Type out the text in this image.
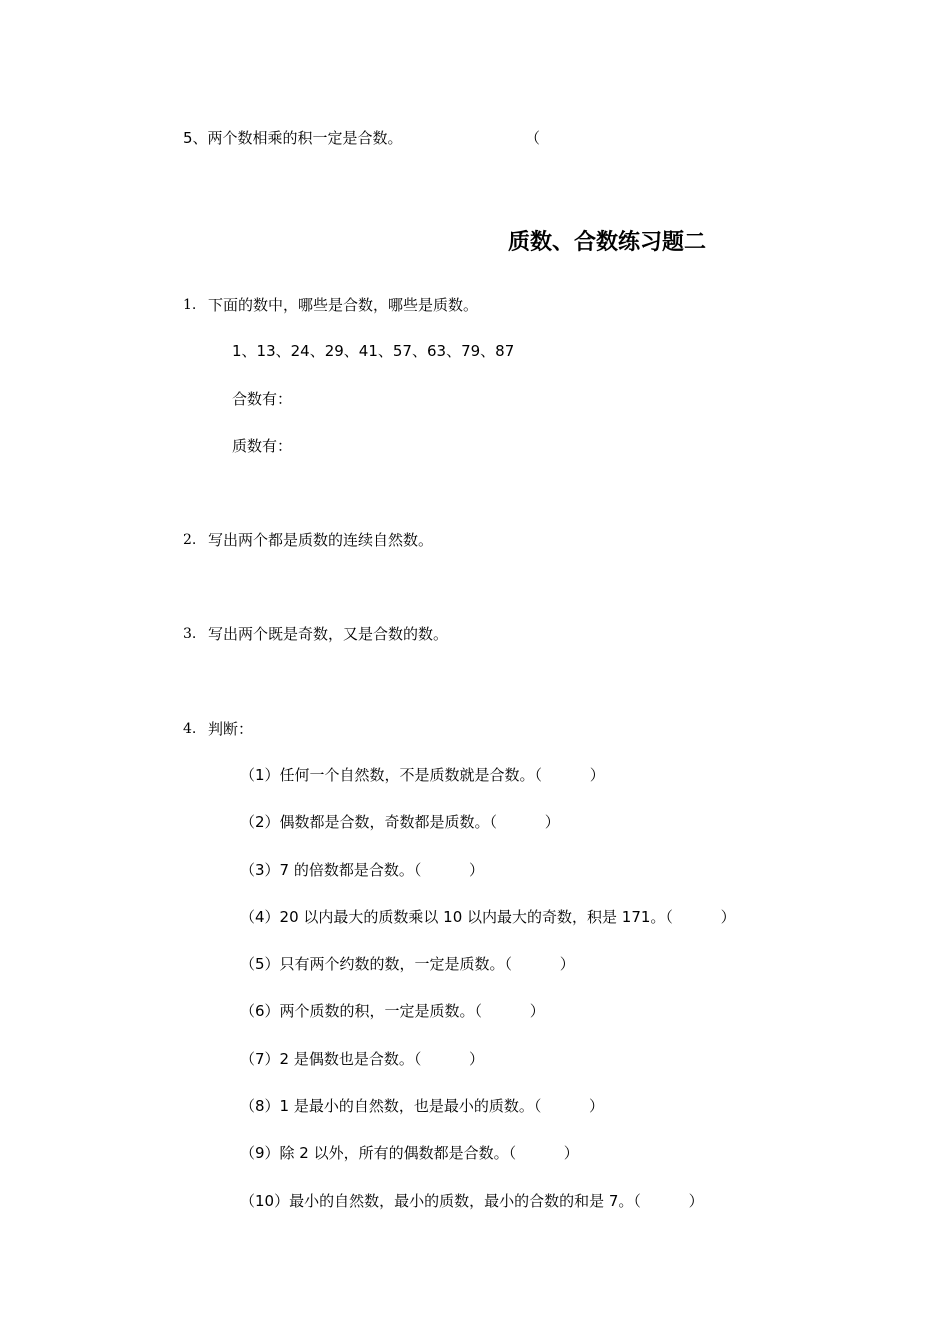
5、两个数相乘的积一定是合数。	（
质数、合数练习题二
1. 下面的数中，哪些是合数，哪些是质数。
1、13、24、29、41、57、63、79、87
合数有：
质数有：
2. 写出两个都是质数的连续自然数。
3. 写出两个既是奇数，又是合数的数。
4. 判断：
（1）任何一个自然数，不是质数就是合数。（          ）
（2）偶数都是合数，奇数都是质数。（          ）
（3）7 的倍数都是合数。（          ）
（4）20 以内最大的质数乘以 10 以内最大的奇数，积是 171。（          ）
（5）只有两个约数的数，一定是质数。（          ）
（6）两个质数的积，一定是质数。（          ）
（7）2 是偶数也是合数。（          ）
（8）1 是最小的自然数，也是最小的质数。（          ）
（9）除 2 以外，所有的偶数都是合数。（          ）
（10）最小的自然数，最小的质数，最小的合数的和是 7。（          ）
